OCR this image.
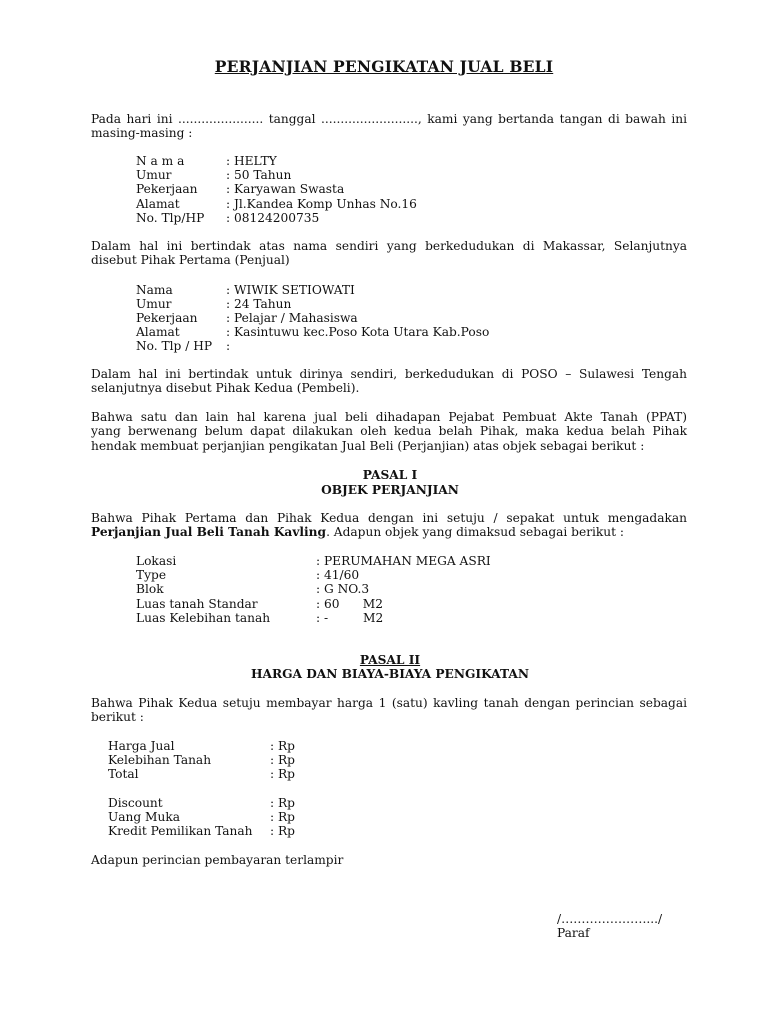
PERJANJIAN PENGIKATAN JUAL BELI
Pada hari ini ...................... tanggal ........................., kami yang bertanda tangan di bawah ini
masing-masing :
N a m a	: HELTY
Umur	: 50 Tahun
Pekerjaan : Karyawan Swasta
Alamat	: Jl.Kandea Komp Unhas No.16
No. Tlp/HP : 08124200735
Dalam hal ini bertindak atas nama sendiri yang berkedudukan di Makassar, Selanjutnya
disebut Pihak Pertama (Penjual)
Nama	: WIWIK SETIOWATI
Umur	: 24 Tahun
Pekerjaan : Pelajar / Mahasiswa
Alamat	: Kasintuwu kec.Poso Kota Utara Kab.Poso
No. Tlp / HP :
Dalam hal ini bertindak untuk dirinya sendiri, berkedudukan di POSO – Sulawesi Tengah
selanjutnya disebut Pihak Kedua (Pembeli).
Bahwa satu dan lain hal karena jual beli dihadapan Pejabat Pembuat Akte Tanah (PPAT)
yang berwenang belum dapat dilakukan oleh kedua belah Pihak, maka kedua belah Pihak
hendak membuat perjanjian pengikatan Jual Beli (Perjanjian) atas objek sebagai berikut :
PASAL I
OBJEK PERJANJIAN
Bahwa Pihak Pertama dan Pihak Kedua dengan ini setuju / sepakat untuk mengadakan
Perjanjian Jual Beli Tanah Kavling. Adapun objek yang dimaksud sebagai berikut :
Lokasi	: PERUMAHAN MEGA ASRI
Type	: 41/60
Blok	: G NO.3
Luas tanah Standar	: 60      M2
Luas Kelebihan tanah	: -         M2
PASAL II
HARGA DAN BIAYA-BIAYA PENGIKATAN
Bahwa Pihak Kedua setuju membayar harga 1 (satu) kavling tanah dengan perincian sebagai
berikut :
Harga Jual	: Rp
Kelebihan Tanah	: Rp
Total	: Rp
Discount	: Rp
Uang Muka	: Rp
Kredit Pemilikan Tanah : Rp
Adapun perincian pembayaran terlampir
/………………….../
Paraf
